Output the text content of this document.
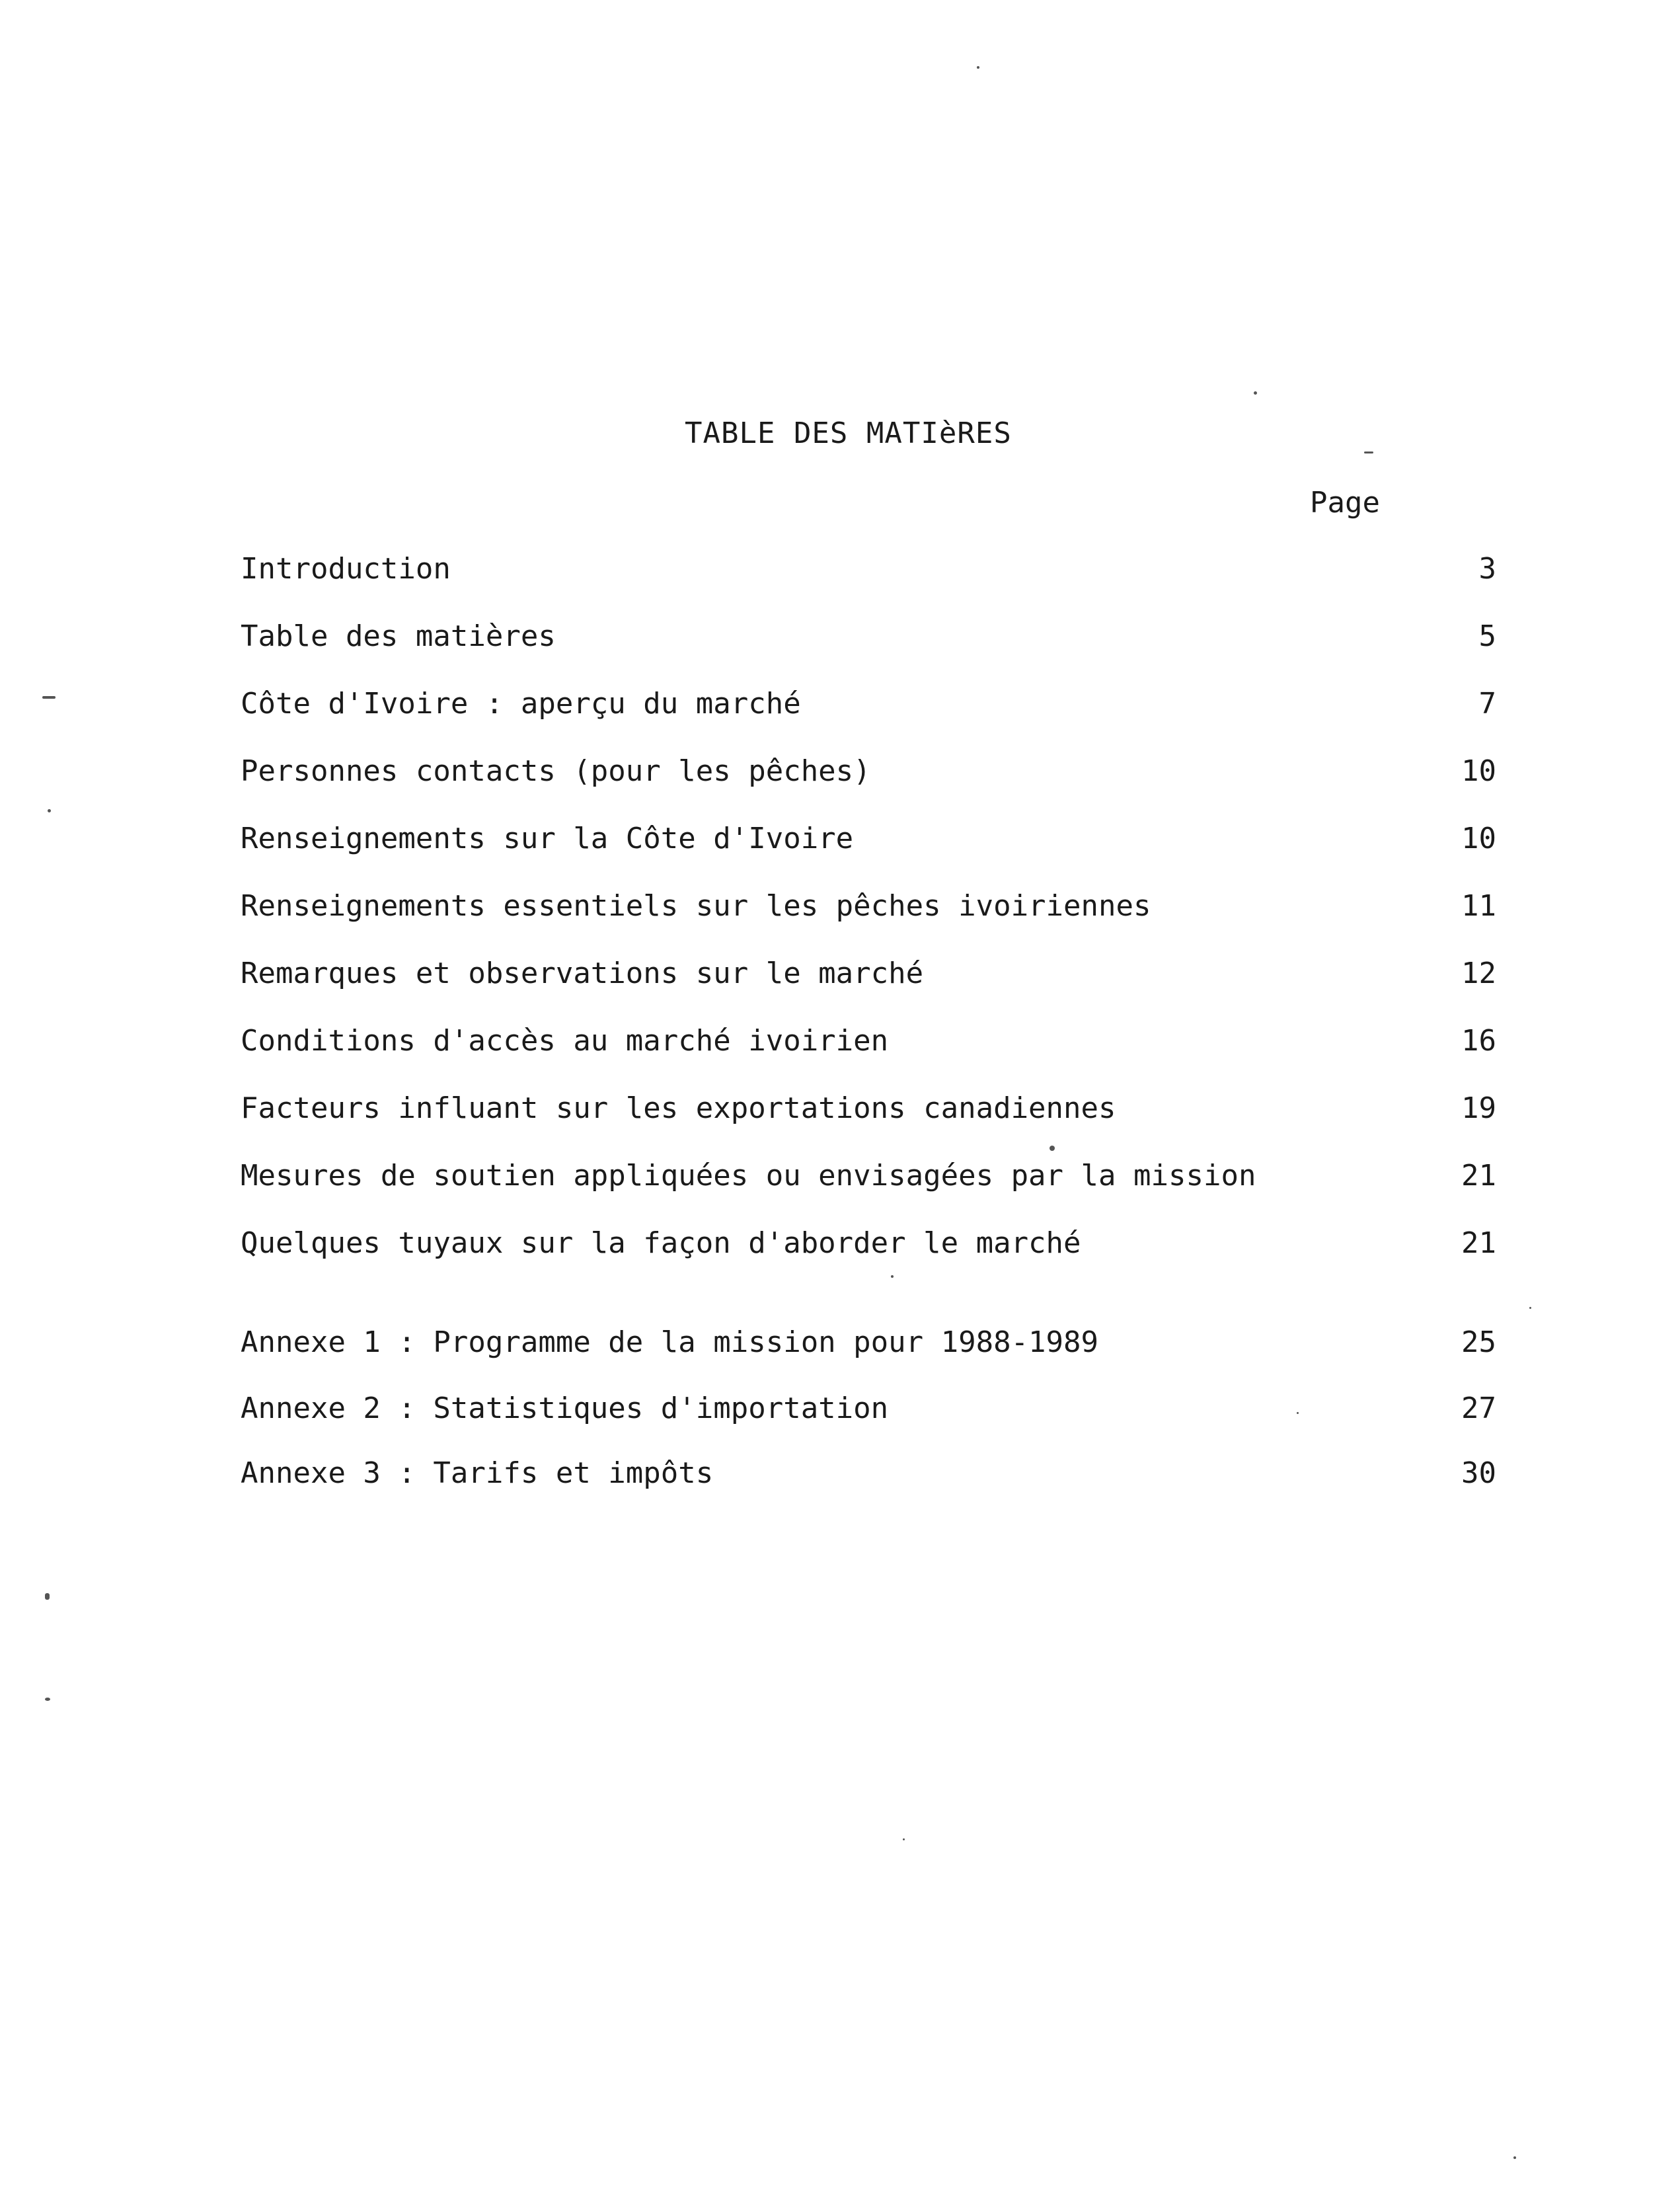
TABLE DES MATIèRES
Page
Introduction	3
Table des matières	5
Côte d'Ivoire : aperçu du marché	7
Personnes contacts (pour les pêches)	10
Renseignements sur la Côte d'Ivoire	10
Renseignements essentiels sur les pêches ivoiriennes	11
Remarques et observations sur le marché	12
Conditions d'accès au marché ivoirien	16
Facteurs influant sur les exportations canadiennes	19
Mesures de soutien appliquées ou envisagées par la mission	21
Quelques tuyaux sur la façon d'aborder le marché	21
Annexe 1 : Programme de la mission pour 1988-1989	25
Annexe 2 : Statistiques d'importation	27
Annexe 3 : Tarifs et impôts	30
